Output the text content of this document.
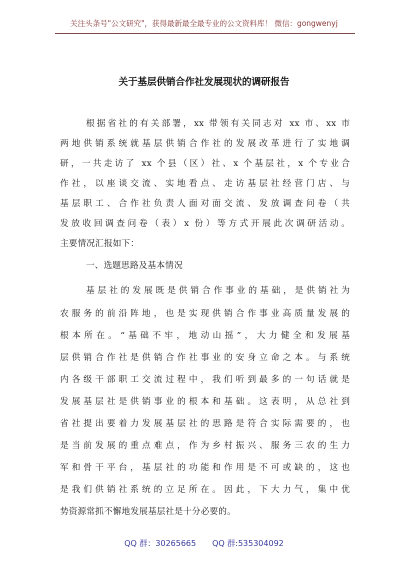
关注头条号"公文研究"，获得最新最全最专业的公文资料库！ 微信：gongwenyj
关于基层供销合作社发展现状的调研报告
根据省社的有关部署，xx 带领有关同志对 xx 市、xx 市
两地供销系统就基层供销合作社的发展改革进行了实地调
研，一共走访了 xx 个县（区）社、x 个基层社，x 个专业合
作社，以座谈交流、实地看点、走访基层社经营门店、与
基层职工、合作社负责人面对面交流、发放调查问卷（共
发放收回调查问卷（表）x 份）等方式开展此次调研活动。
主要情况汇报如下：
一、选题思路及基本情况
基层社的发展既是供销合作事业的基础，是供销社为
农服务的前沿阵地，也是实现供销合作事业高质量发展的
根本所在。“基础不牢，地动山摇”，大力健全和发展基
层供销合作社是供销合作社事业的安身立命之本。与系统
内各级干部职工交流过程中，我们听到最多的一句话就是
发展基层社是供销事业的根本和基础。这表明，从总社到
省社提出要着力发展基层社的思路是符合实际需要的，也
是当前发展的重点难点，作为乡村振兴、服务三农的生力
军和骨干平台，基层社的功能和作用是不可或缺的，这也
是我们供销社系统的立足所在。因此，下大力气，集中优
势资源常抓不懈地发展基层社是十分必要的。
QQ 群：30265665 QQ 群:535304092
